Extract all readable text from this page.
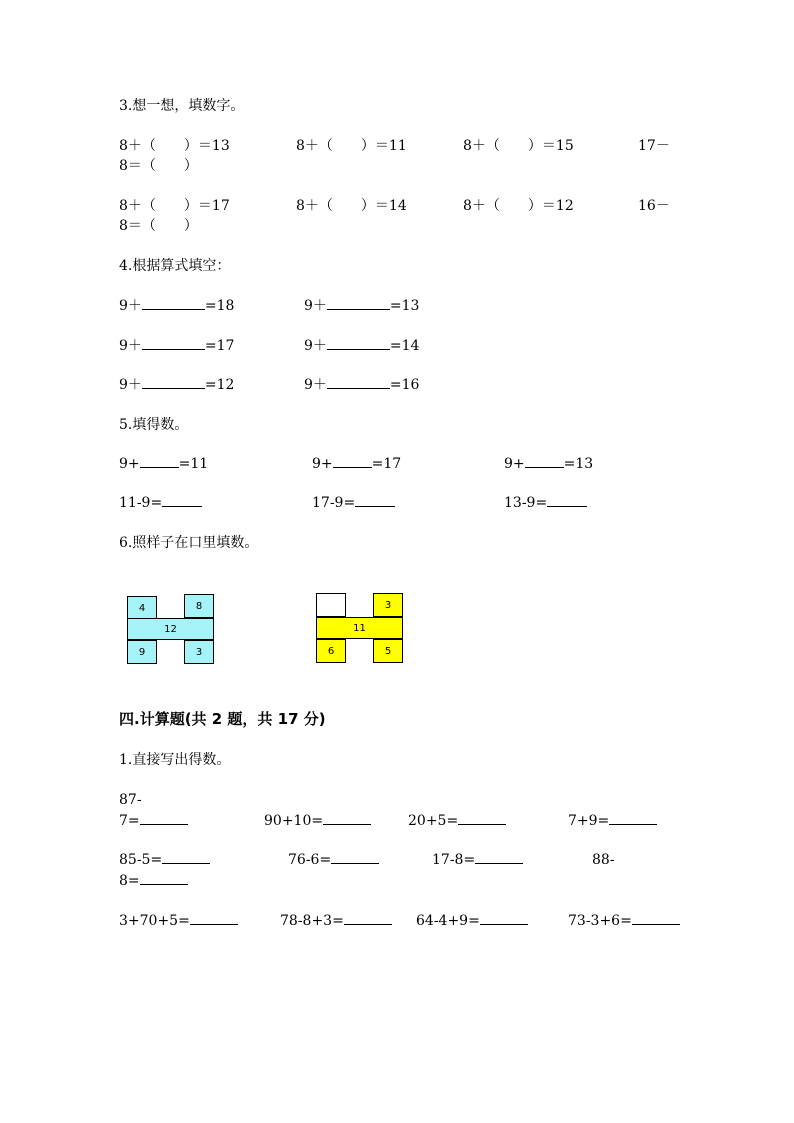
3.想一想，填数字。
8＋（　　）＝13	8＋（　　）＝11	8＋（　　）＝15	17－
8＝（　　）
8＋（　　）＝17	8＋（　　）＝14	8＋（　　）＝12	16－
8＝（　　）
4.根据算式填空：
9＋	=18	9＋	=13
9＋	=17	9＋	=14
9＋	=12	9＋	=16
5.填得数。
9+	=11	9+	=17	9+	=13
11-9=	17-9=	13-9=
6.照样子在口里填数。
4	8
12
9	3
3
11
6	5
四.计算题(共 2 题，共 17 分)
1.直接写出得数。
87-
7=	90+10=	20+5=	7+9=
85-5=	76-6=	17-8=	88-
8=
3+70+5=	78-8+3=	64-4+9=	73-3+6=
